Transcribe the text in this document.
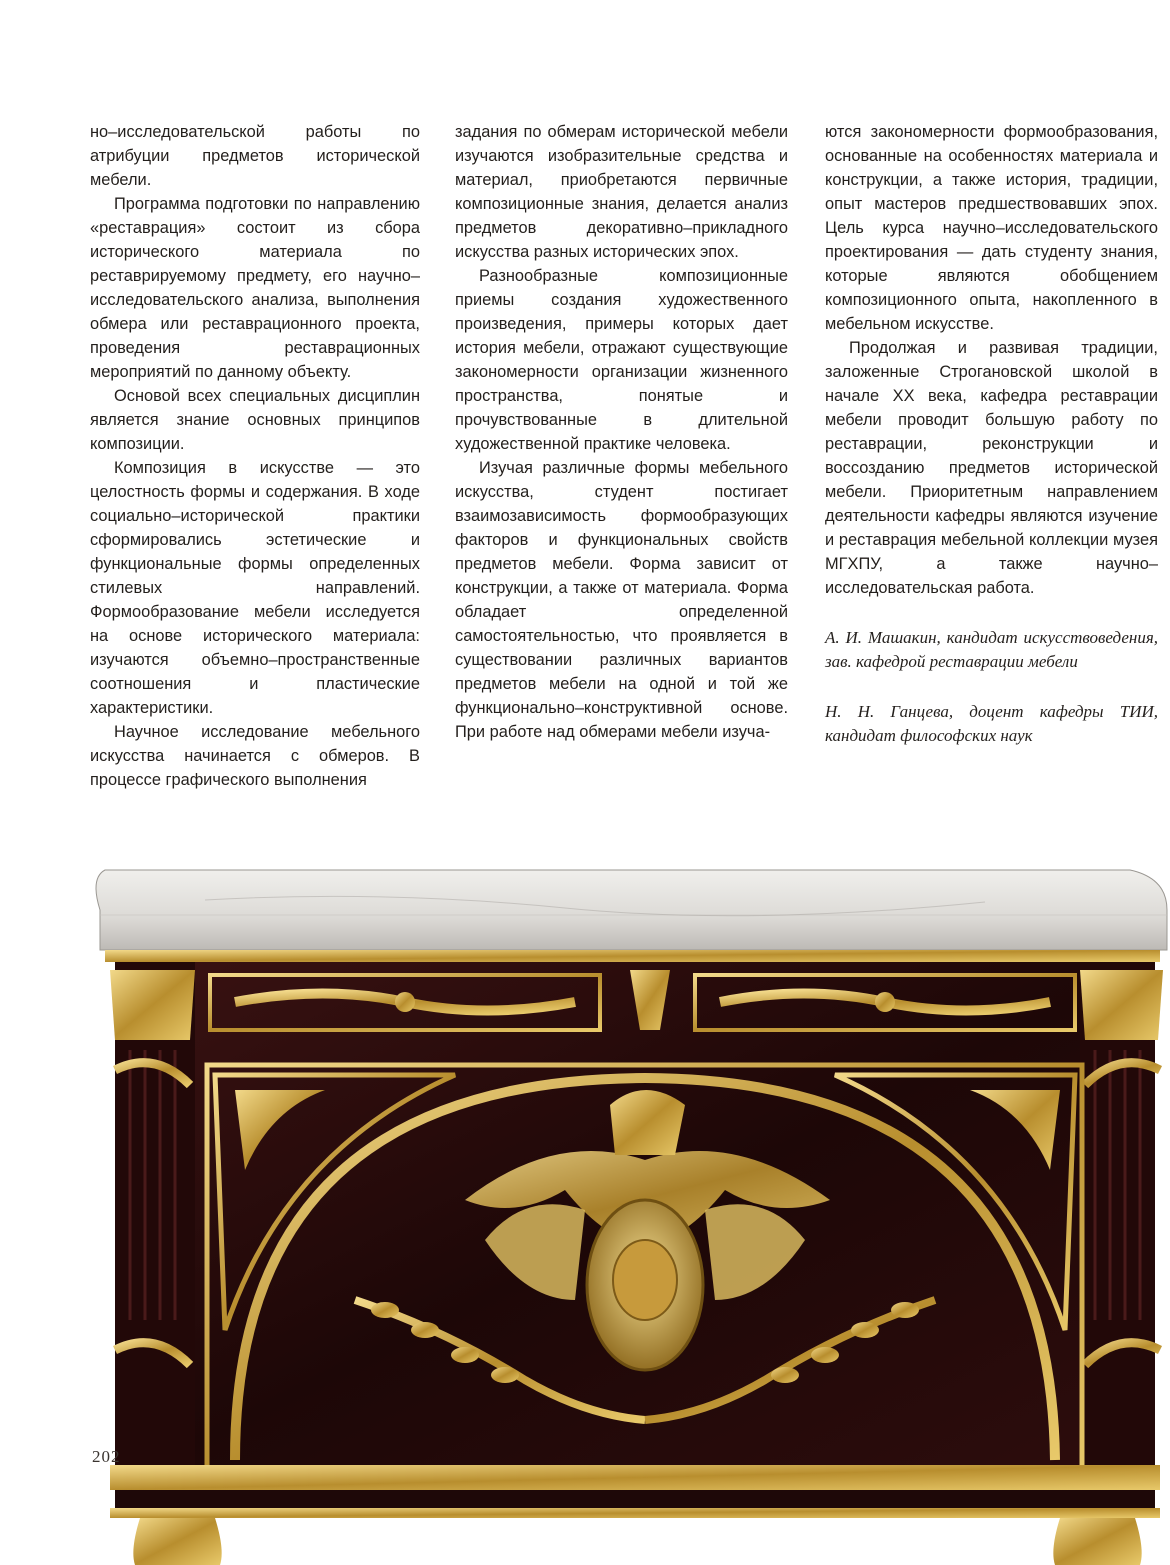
но–исследовательской работы по атрибуции предметов исторической мебели.

Программа подготовки по направлению «реставрация» состоит из сбора исторического материала по реставрируемому предмету, его научно–исследовательского анализа, выполнения обмера или реставрационного проекта, проведения реставрационных мероприятий по данному объекту.

Основой всех специальных дисциплин является знание основных принципов композиции.

Композиция в искусстве — это целостность формы и содержания. В ходе социально–исторической практики сформировались эстетические и функциональные формы определенных стилевых направлений. Формообразование мебели исследуется на основе исторического материала: изучаются объемно–пространственные соотношения и пластические характеристики.

Научное исследование мебельного искусства начинается с обмеров. В процессе графического выполнения

задания по обмерам исторической мебели изучаются изобразительные средства и материал, приобретаются первичные композиционные знания, делается анализ предметов декоративно–прикладного искусства разных исторических эпох.

Разнообразные композиционные приемы создания художественного произведения, примеры которых дает история мебели, отражают существующие закономерности организации жизненного пространства, понятые и прочувствованные в длительной художественной практике человека.

Изучая различные формы мебельного искусства, студент постигает взаимозависимость формообразующих факторов и функциональных свойств предметов мебели. Форма зависит от конструкции, а также от материала. Форма обладает определенной самостоятельностью, что проявляется в существовании различных вариантов предметов мебели на одной и той же функционально–конструктивной основе. При работе над обмерами мебели изуча-

ются закономерности формообразования, основанные на особенностях материала и конструкции, а также история, традиции, опыт мастеров предшествовавших эпох. Цель курса научно–исследовательского проектирования — дать студенту знания, которые являются обобщением композиционного опыта, накопленного в мебельном искусстве.

Продолжая и развивая традиции, заложенные Строгановской школой в начале XX века, кафедра реставрации мебели проводит большую работу по реставрации, реконструкции и воссозданию предметов исторической мебели. Приоритетным направлением деятельности кафедры являются изучение и реставрация мебельной коллекции музея МГХПУ, а также научно–исследовательская работа.

А. И. Машакин, кандидат искусствоведения, зав. кафедрой реставрации мебели

Н. Н. Ганцева, доцент кафедры ТИИ, кандидат философских наук

202
